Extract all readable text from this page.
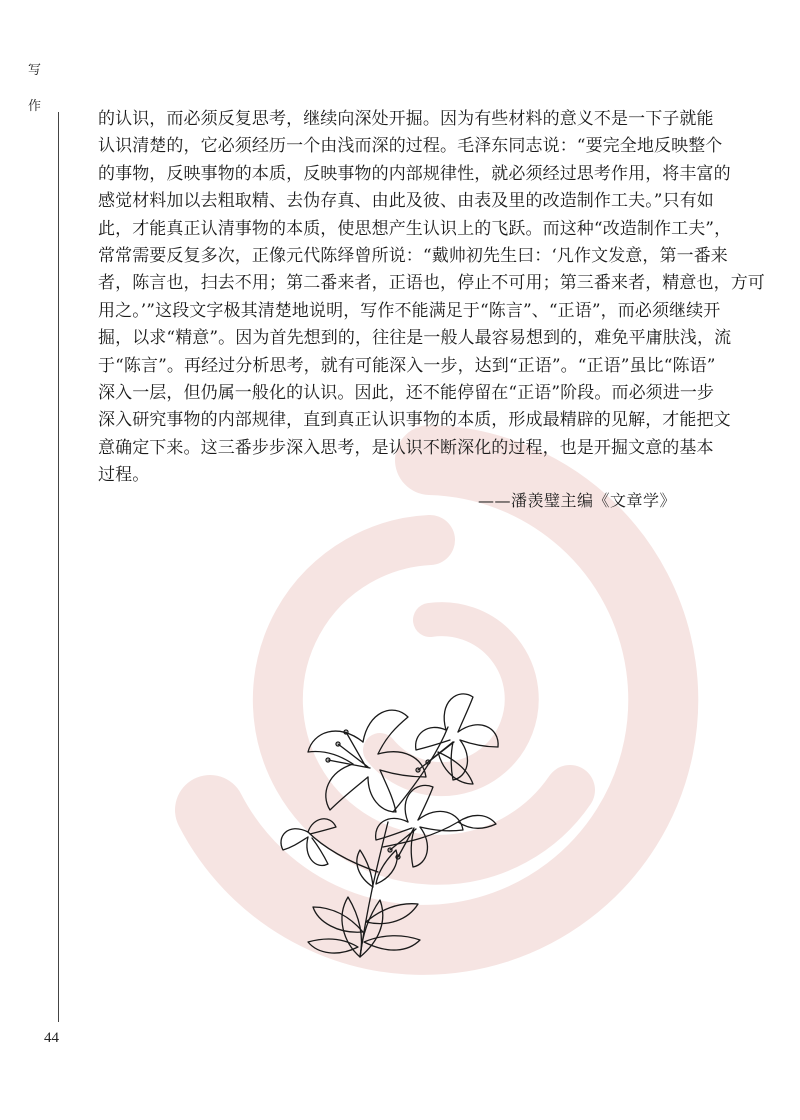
写
作
44
的认识，而必须反复思考，继续向深处开掘。因为有些材料的意义不是一下子就能
认识清楚的，它必须经历一个由浅而深的过程。毛泽东同志说：“要完全地反映整个
的事物，反映事物的本质，反映事物的内部规律性，就必须经过思考作用，将丰富的
感觉材料加以去粗取精、去伪存真、由此及彼、由表及里的改造制作工夫。”只有如
此，才能真正认清事物的本质，使思想产生认识上的飞跃。而这种“改造制作工夫”，
常常需要反复多次，正像元代陈绎曾所说：“戴帅初先生曰：‘凡作文发意，第一番来
者，陈言也，扫去不用；第二番来者，正语也，停止不可用；第三番来者，精意也，方可
用之。’”这段文字极其清楚地说明，写作不能满足于“陈言”、“正语”，而必须继续开
掘，以求“精意”。因为首先想到的，往往是一般人最容易想到的，难免平庸肤浅，流
于“陈言”。再经过分析思考，就有可能深入一步，达到“正语”。“正语”虽比“陈语”
深入一层，但仍属一般化的认识。因此，还不能停留在“正语”阶段。而必须进一步
深入研究事物的内部规律，直到真正认识事物的本质，形成最精辟的见解，才能把文
意确定下来。这三番步步深入思考，是认识不断深化的过程，也是开掘文意的基本
过程。
——潘羡璧主编《文章学》
